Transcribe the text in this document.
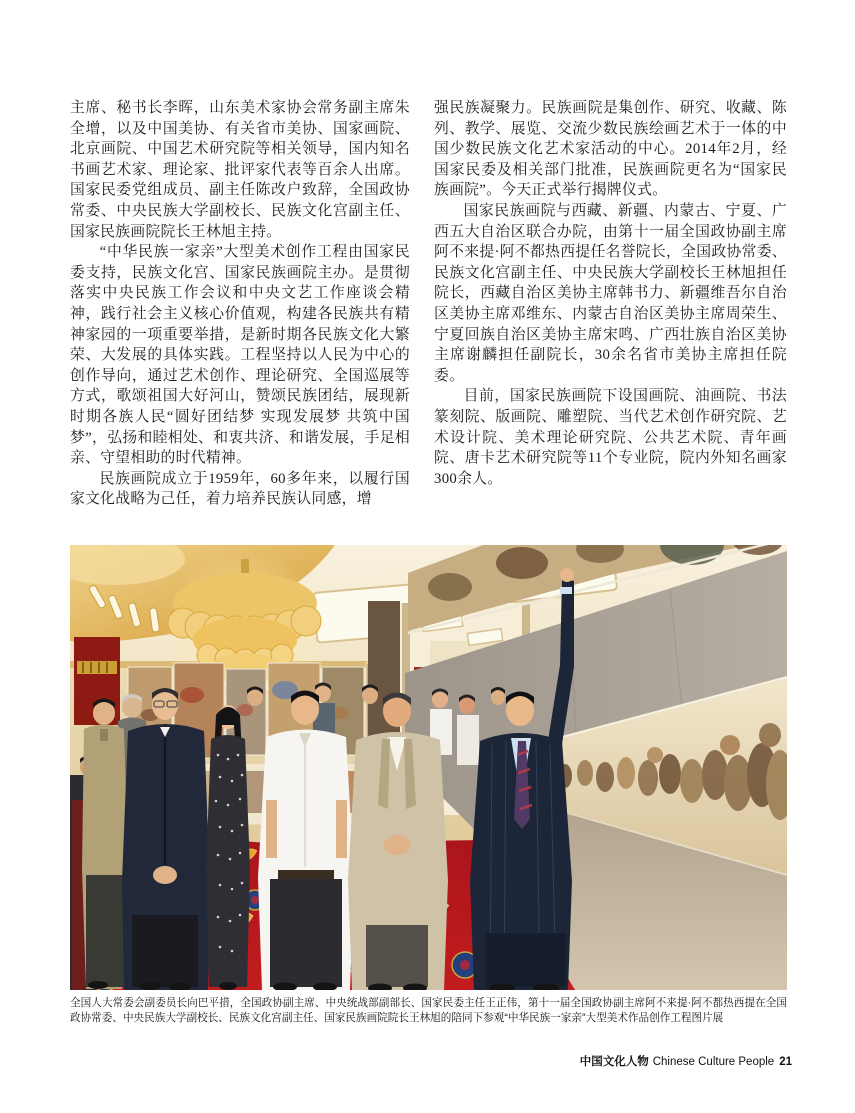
主席、秘书长李晖，山东美术家协会常务副主席朱全增，以及中国美协、有关省市美协、国家画院、北京画院、中国艺术研究院等相关领导，国内知名书画艺术家、理论家、批评家代表等百余人出席。国家民委党组成员、副主任陈改户致辞，全国政协常委、中央民族大学副校长、民族文化宫副主任、国家民族画院院长王林旭主持。

“中华民族一家亲”大型美术创作工程由国家民委支持，民族文化宫、国家民族画院主办。是贯彻落实中央民族工作会议和中央文艺工作座谈会精神，践行社会主义核心价值观，构建各民族共有精神家园的一项重要举措，是新时期各民族文化大繁荣、大发展的具体实践。工程坚持以人民为中心的创作导向，通过艺术创作、理论研究、全国巡展等方式，歌颂祖国大好河山，赞颂民族团结，展现新时期各族人民“圆好团结梦 实现发展梦 共筑中国梦”，弘扬和睦相处、和衷共济、和谐发展，手足相亲、守望相助的时代精神。

民族画院成立于1959年，60多年来，以履行国家文化战略为己任，着力培养民族认同感，增

强民族凝聚力。民族画院是集创作、研究、收藏、陈列、教学、展览、交流少数民族绘画艺术于一体的中国少数民族文化艺术家活动的中心。2014年2月，经国家民委及相关部门批准，民族画院更名为“国家民族画院”。今天正式举行揭牌仪式。

国家民族画院与西藏、新疆、内蒙古、宁夏、广西五大自治区联合办院，由第十一届全国政协副主席阿不来提·阿不都热西提任名誉院长，全国政协常委、民族文化宫副主任、中央民族大学副校长王林旭担任院长，西藏自治区美协主席韩书力、新疆维吾尔自治区美协主席邓维东、内蒙古自治区美协主席周荣生、宁夏回族自治区美协主席宋鸣、广西壮族自治区美协主席谢麟担任副院长，30余名省市美协主席担任院委。

目前，国家民族画院下设国画院、油画院、书法篆刻院、版画院、雕塑院、当代艺术创作研究院、艺术设计院、美术理论研究院、公共艺术院、青年画院、唐卡艺术研究院等11个专业院，院内外知名画家300余人。

全国人大常委会副委员长向巴平措，全国政协副主席、中央统战部副部长、国家民委主任王正伟，第十一届全国政协副主席阿不来提·阿不都热西提在全国政协常委、中央民族大学副校长、民族文化宫副主任、国家民族画院院长王林旭的陪同下参观“中华民族一家亲”大型美术作品创作工程图片展
中国文化人物 Chinese Culture People 21
